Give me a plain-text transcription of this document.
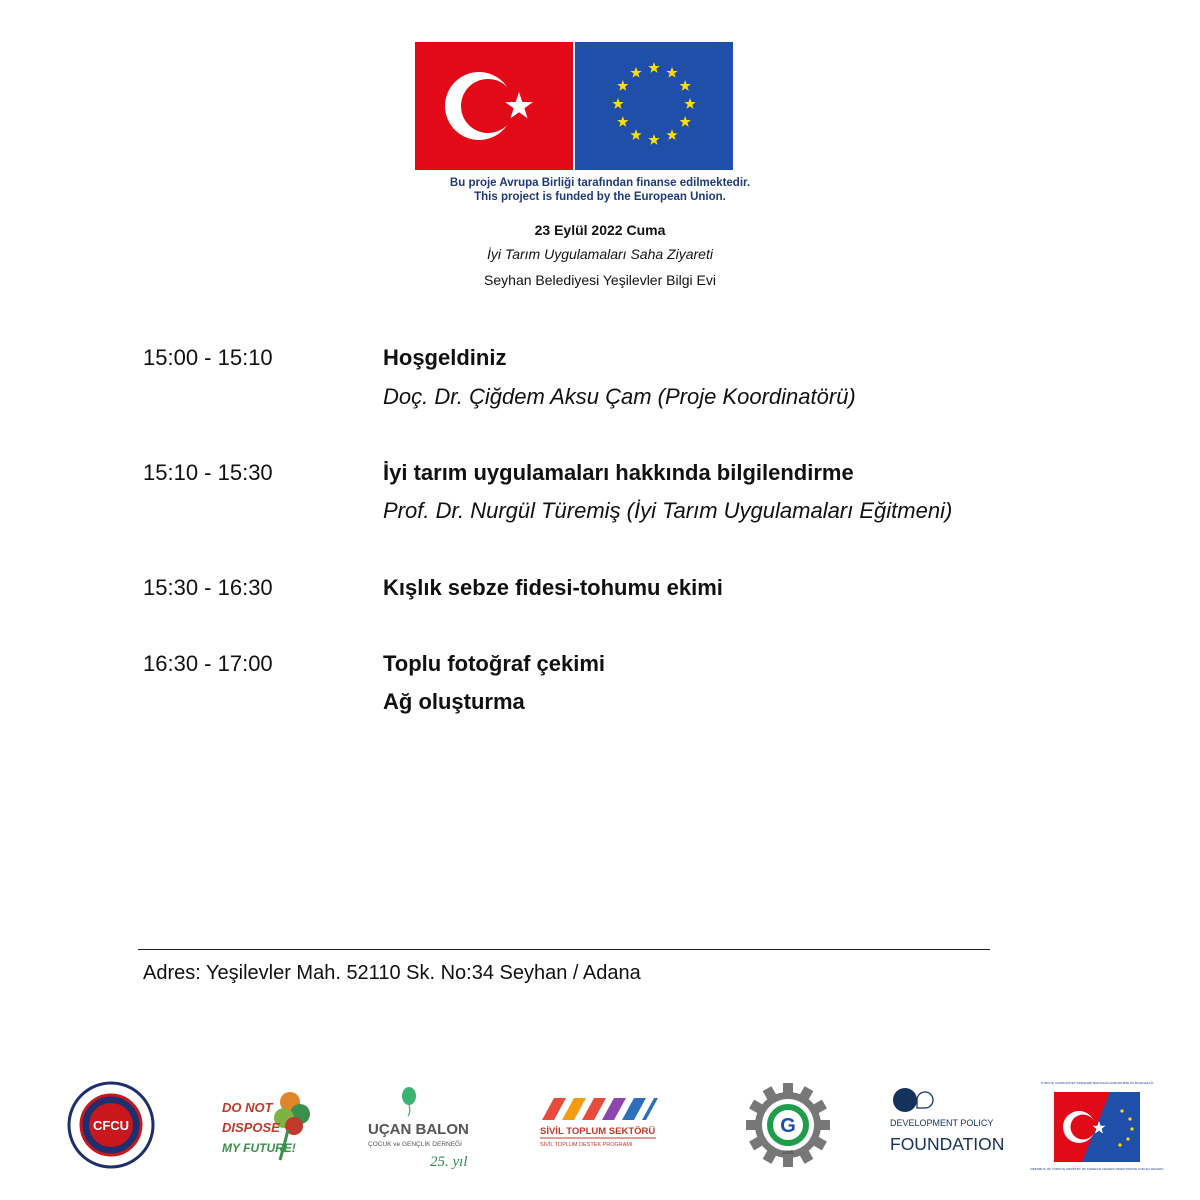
Bu proje Avrupa Birliği tarafından finanse edilmektedir.
This project is funded by the European Union.
23 Eylül 2022 Cuma
İyi Tarım Uygulamaları Saha Ziyareti
Seyhan Belediyesi Yeşilevler Bilgi Evi
15:00 - 15:10	Hoşgeldiniz
Doç. Dr. Çiğdem Aksu Çam (Proje Koordinatörü)
15:10 - 15:30	İyi tarım uygulamaları hakkında bilgilendirme
Prof. Dr. Nurgül Türemiş (İyi Tarım Uygulamaları Eğitmeni)
15:30 - 16:30	Kışlık sebze fidesi-tohumu ekimi
16:30 - 17:00	Toplu fotoğraf çekimi
Ağ oluşturma
Adres: Yeşilevler Mah. 52110 Sk. No:34 Seyhan / Adana
CFCU
DO NOT
DISPOSE
MY FUTURE!
UÇAN BALON
ÇOCUK ve GENÇLİK DERNEĞİ
25. yıl
SİVİL TOPLUM SEKTÖRÜ
SİVİL TOPLUM DESTEK PROGRAMI
G
1995
DEVELOPMENT POLICY
FOUNDATION
TÜRKİYE CUMHURİYETİ DIŞİŞLERİ BAKANLIĞI AVRUPA BİRLİĞİ BAŞKANLIĞI
REPUBLIC OF TÜRKİYE MINISTRY OF FOREIGN AFFAIRS DIRECTORATE FOR EU AFFAIRS
